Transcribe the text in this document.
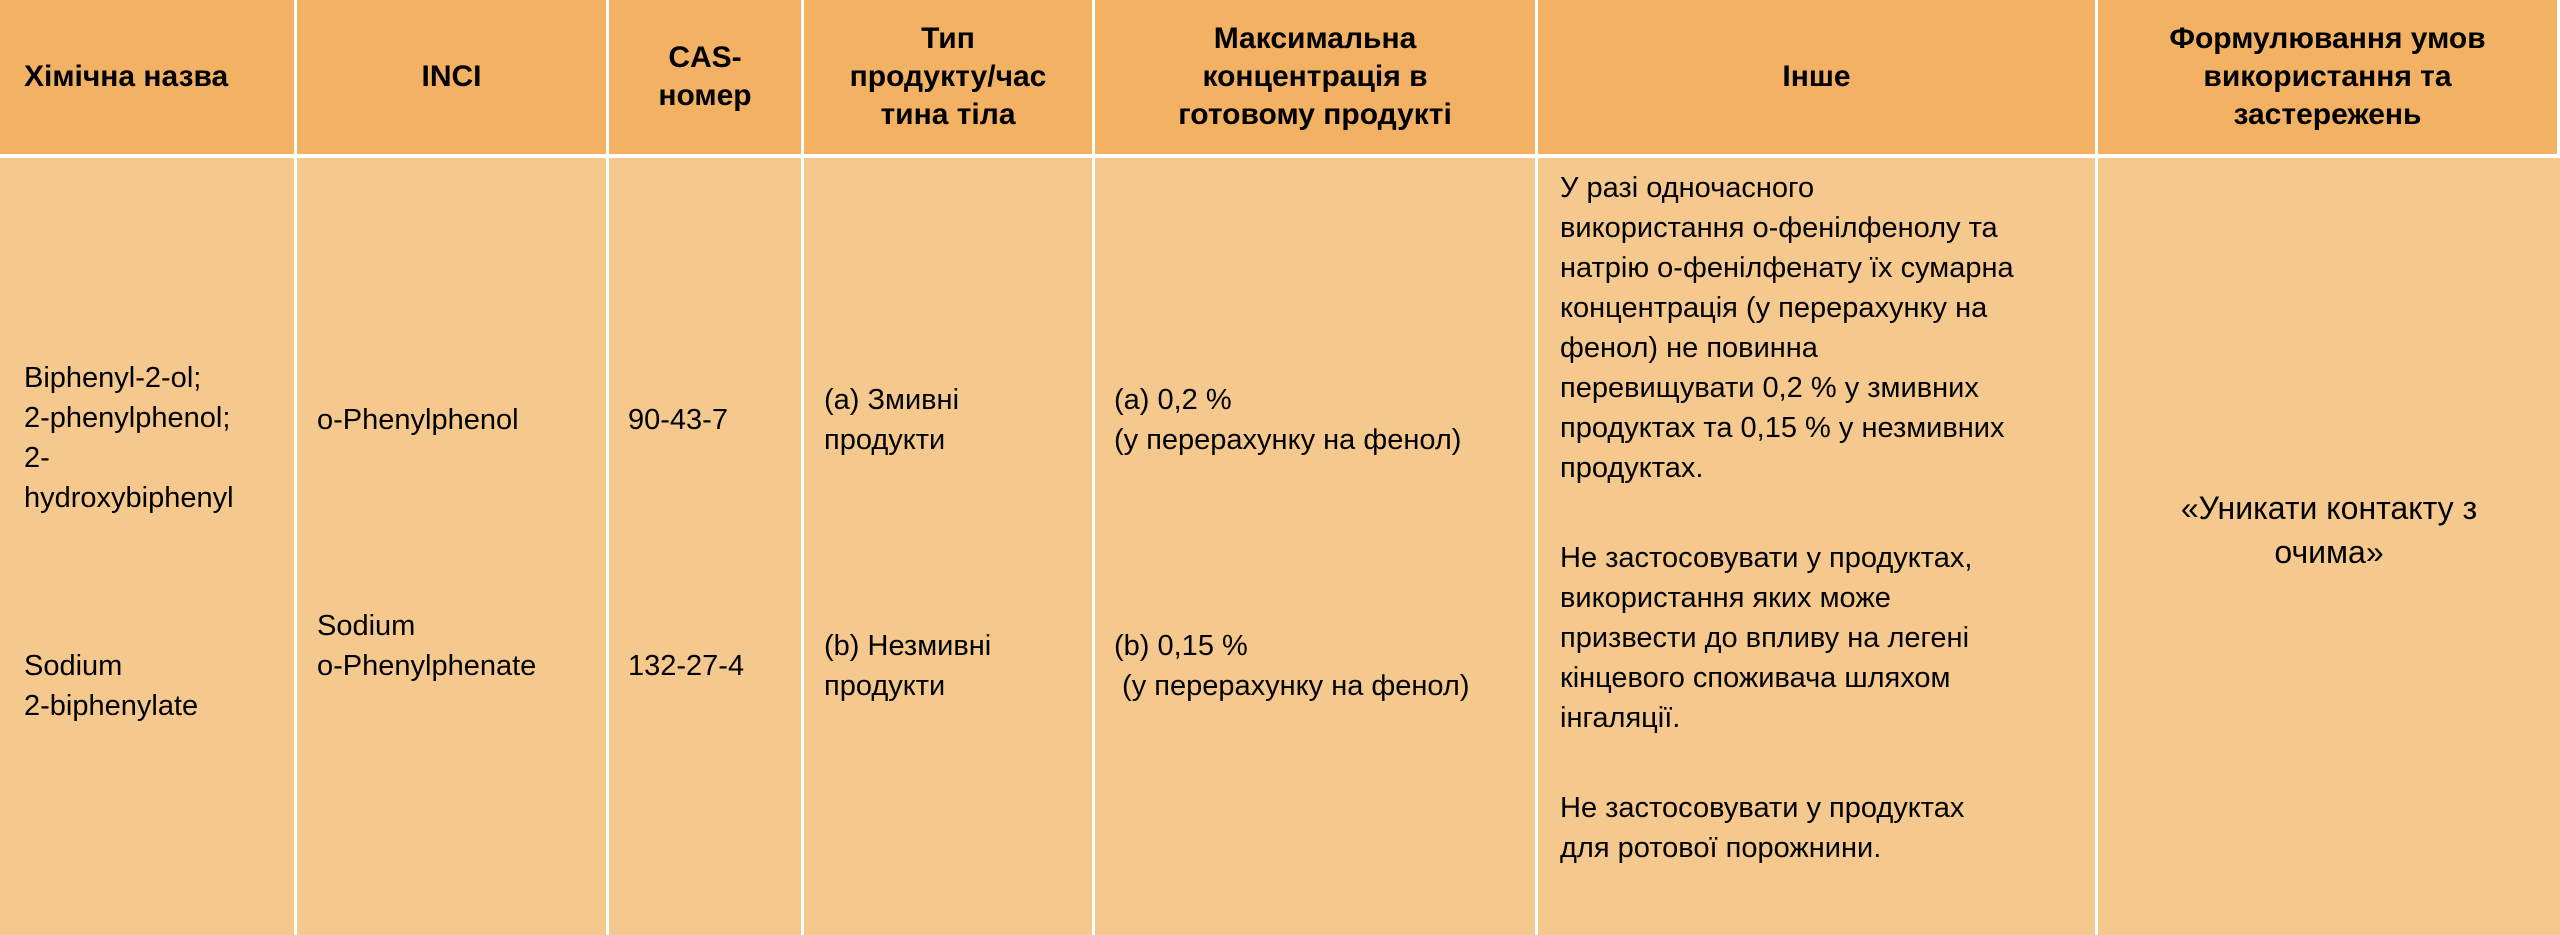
Хімічна назва	INCI
CAS-
номер
Тип
продукту/час
тина тіла
Максимальна
концентрація в
готовому продукті
Інше
Формулювання умов
використання та
застережень
Biphenyl-2-ol;
2-phenylphenol;
2-
hydroxybiphenyl
Sodium
2-biphenylate
o-Phenylphenol
Sodium
o-Phenylphenate
90-43-7
132-27-4
(a) Змивні
продукти
(b) Незмивні
продукти
(a) 0,2 %
(у перерахунку на фенол)
(b) 0,15 %
(у перерахунку на фенол)
У разі одночасного
використання о-фенілфенолу та
натрію о-фенілфенату їх сумарна
концентрація (у перерахунку на
фенол) не повинна
перевищувати 0,2 % у змивних
продуктах та 0,15 % у незмивних
продуктах.
Не застосовувати у продуктах,
використання яких може
призвести до впливу на легені
кінцевого споживача шляхом
інгаляції.
Не застосовувати у продуктах
для ротової порожнини.
«Уникати контакту з
очима»
